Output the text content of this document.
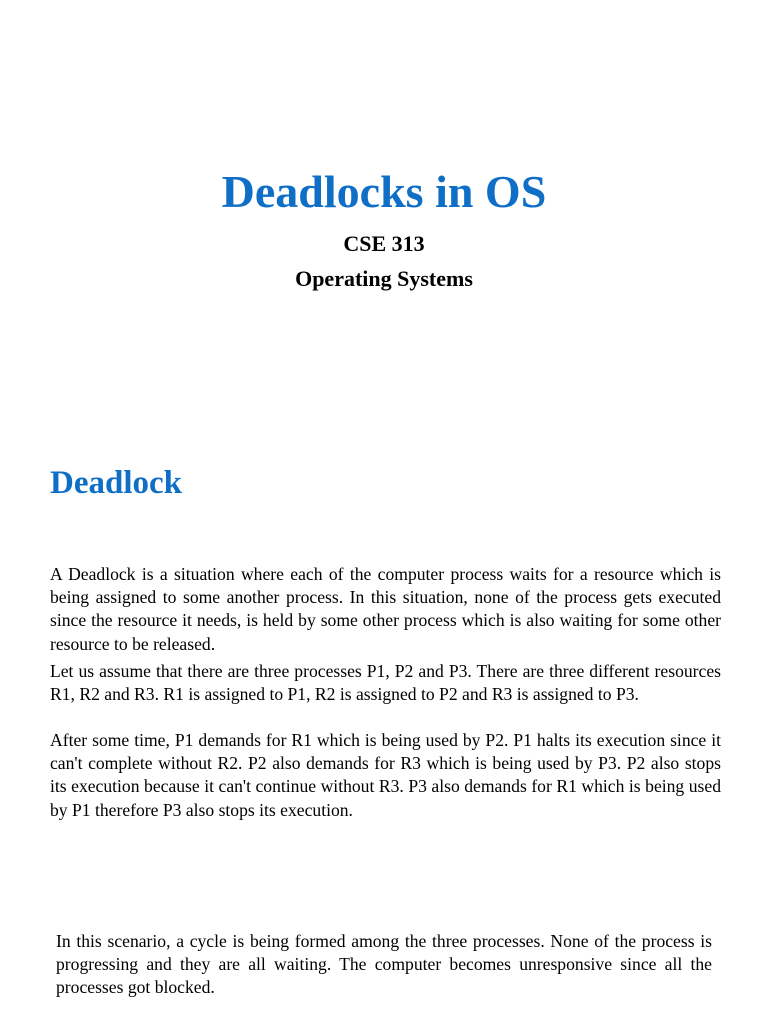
Deadlocks in OS
CSE 313
Operating Systems
Deadlock

A Deadlock is a situation where each of the computer process waits for a resource which is being assigned to some another process. In this situation, none of the process gets executed since the resource it needs, is held by some other process which is also waiting for some other resource to be released.

Let us assume that there are three processes P1, P2 and P3. There are three different resources R1, R2 and R3. R1 is assigned to P1, R2 is assigned to P2 and R3 is assigned to P3.

After some time, P1 demands for R1 which is being used by P2. P1 halts its execution since it can't complete without R2. P2 also demands for R3 which is being used by P3. P2 also stops its execution because it can't continue without R3. P3 also demands for R1 which is being used by P1 therefore P3 also stops its execution.

In this scenario, a cycle is being formed among the three processes. None of the process is progressing and they are all waiting. The computer becomes unresponsive since all the processes got blocked.
